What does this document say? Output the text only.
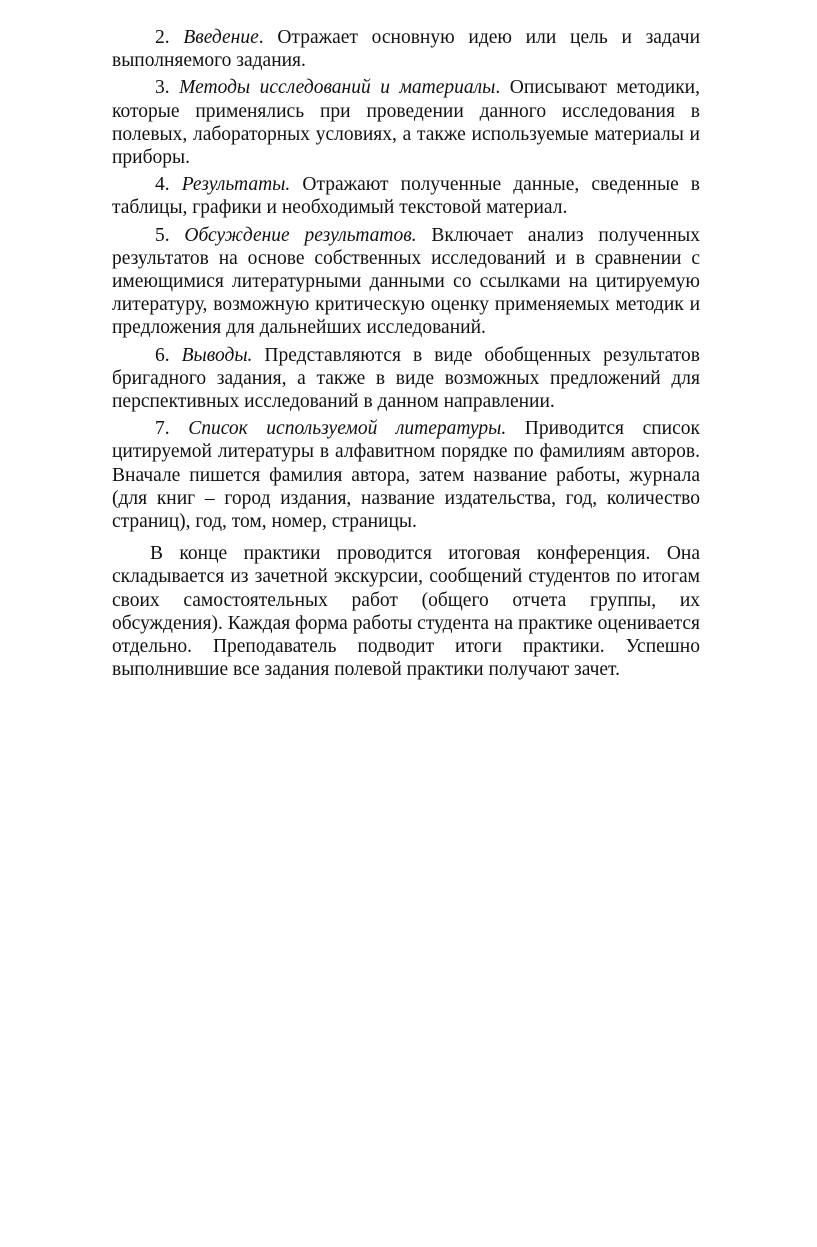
2. Введение. Отражает основную идею или цель и задачи выполняемого задания.

3. Методы исследований и материалы. Описывают методики, которые применялись при проведении данного исследования в полевых, лабораторных условиях, а также используемые материалы и приборы.

4. Результаты. Отражают полученные данные, сведенные в таблицы, графики и необходимый текстовой материал.

5. Обсуждение результатов. Включает анализ полученных результатов на основе собственных исследований и в сравнении с имеющимися литературными данными со ссылками на цитируемую литературу, возможную критическую оценку применяемых методик и предложения для дальнейших исследований.

6. Выводы. Представляются в виде обобщенных результатов бригадного задания, а также в виде возможных предложений для перспективных исследований в данном направлении.

7. Список используемой литературы. Приводится список цитируемой литературы в алфавитном порядке по фамилиям авторов. Вначале пишется фамилия автора, затем название работы, журнала (для книг – город издания, название издательства, год, количество страниц), год, том, номер, страницы.

В конце практики проводится итоговая конференция. Она складывается из зачетной экскурсии, сообщений студентов по итогам своих самостоятельных работ (общего отчета группы, их обсуждения). Каждая форма работы студента на практике оценивается отдельно. Преподаватель подводит итоги практики. Успешно выполнившие все задания полевой практики получают зачет.
